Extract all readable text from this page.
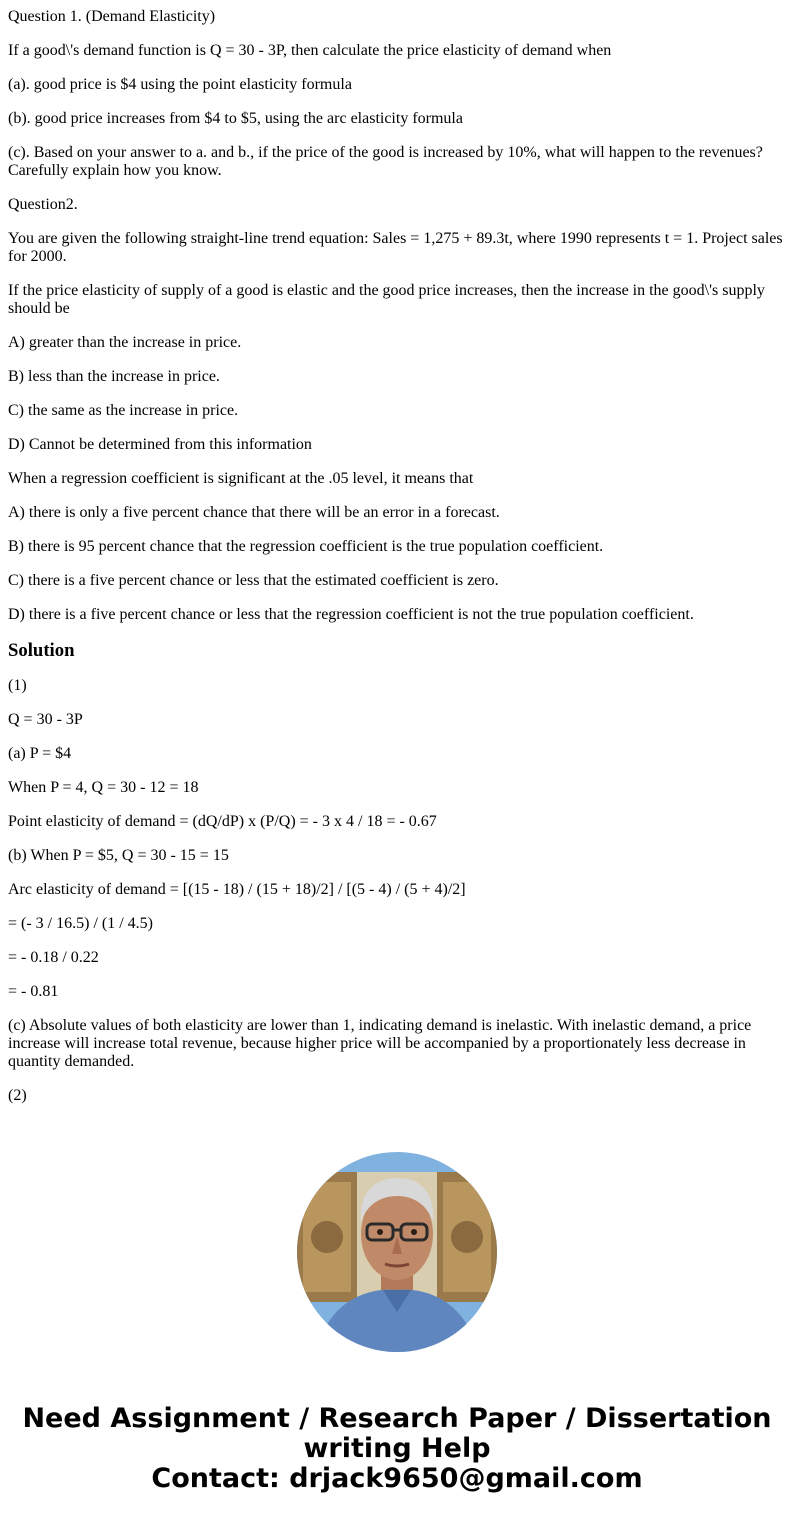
Question 1. (Demand Elasticity)

If a good\'s demand function is Q = 30 - 3P, then calculate the price elasticity of demand when

(a). good price is $4 using the point elasticity formula

(b). good price increases from $4 to $5, using the arc elasticity formula

(c). Based on your answer to a. and b., if the price of the good is increased by 10%, what will happen to the revenues? Carefully explain how you know.

Question2.

You are given the following straight-line trend equation: Sales = 1,275 + 89.3t, where 1990 represents t = 1. Project sales for 2000.

If the price elasticity of supply of a good is elastic and the good price increases, then the increase in the good\'s supply should be

A) greater than the increase in price.

B) less than the increase in price.

C) the same as the increase in price.

D) Cannot be determined from this information

When a regression coefficient is significant at the .05 level, it means that

A) there is only a five percent chance that there will be an error in a forecast.

B) there is 95 percent chance that the regression coefficient is the true population coefficient.

C) there is a five percent chance or less that the estimated coefficient is zero.

D) there is a five percent chance or less that the regression coefficient is not the true population coefficient.

Solution

(1)

Q = 30 - 3P

(a) P = $4

When P = 4, Q = 30 - 12 = 18

Point elasticity of demand = (dQ/dP) x (P/Q) = - 3 x 4 / 18 = - 0.67

(b) When P = $5, Q = 30 - 15 = 15

Arc elasticity of demand = [(15 - 18) / (15 + 18)/2] / [(5 - 4) / (5 + 4)/2]

= (- 3 / 16.5) / (1 / 4.5)

= - 0.18 / 0.22

= - 0.81

(c) Absolute values of both elasticity are lower than 1, indicating demand is inelastic. With inelastic demand, a price increase will increase total revenue, because higher price will be accompanied by a proportionately less decrease in quantity demanded.

(2)

Need Assignment / Research Paper / Dissertation
writing Help
Contact: drjack9650@gmail.com
